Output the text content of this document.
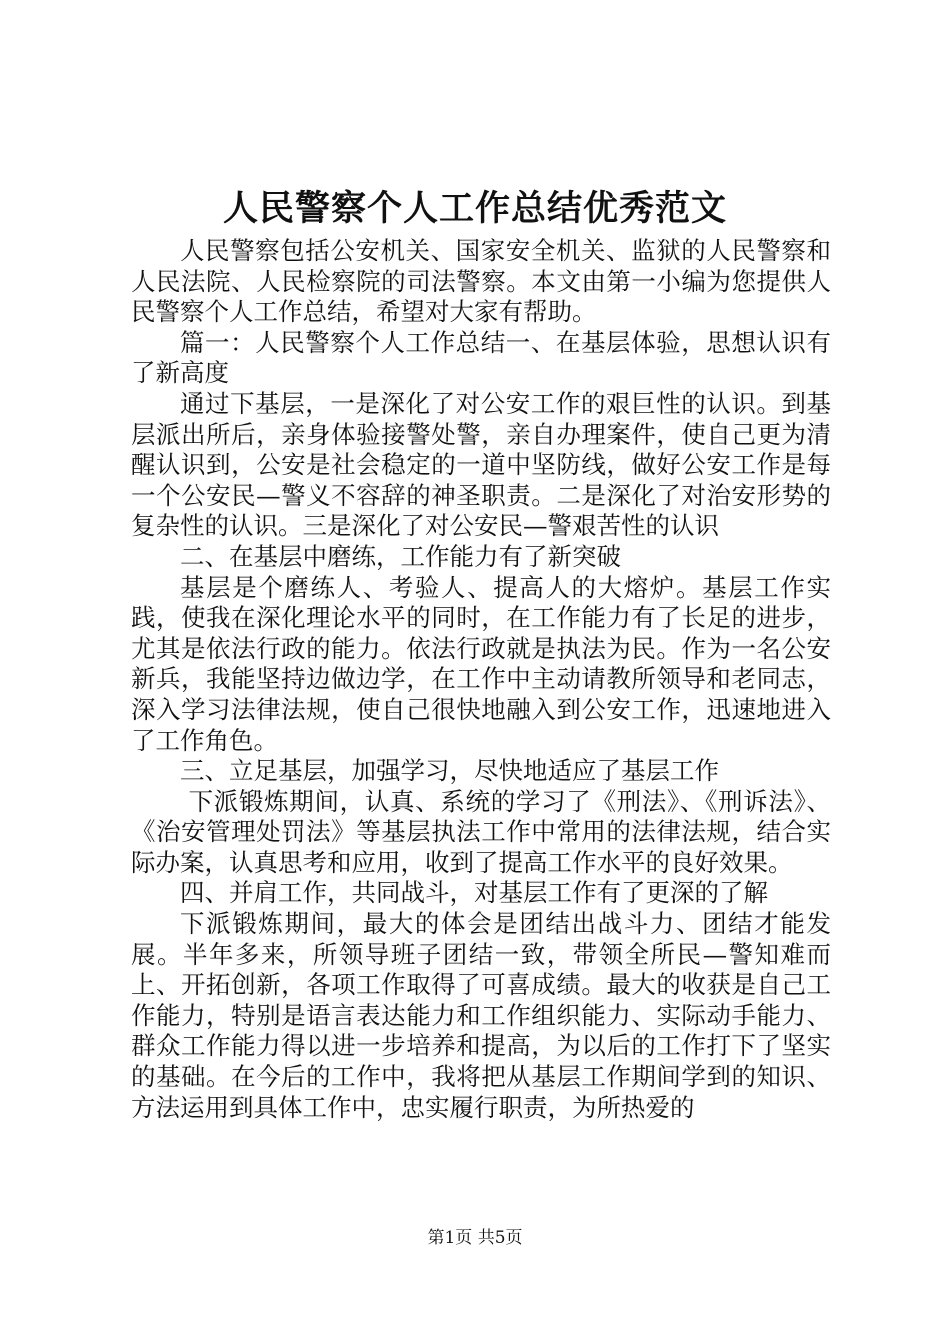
人民警察个人工作总结优秀范文

人民警察包括公安机关、国家安全机关、监狱的人民警察和人民法院、人民检察院的司法警察。本文由第一小编为您提供人民警察个人工作总结，希望对大家有帮助。

篇一：人民警察个人工作总结一、在基层体验，思想认识有了新高度

通过下基层，一是深化了对公安工作的艰巨性的认识。到基层派出所后，亲身体验接警处警，亲自办理案件，使自己更为清醒认识到，公安是社会稳定的一道中坚防线，做好公安工作是每一个公安民—警义不容辞的神圣职责。二是深化了对治安形势的复杂性的认识。三是深化了对公安民—警艰苦性的认识

二、在基层中磨练，工作能力有了新突破

基层是个磨练人、考验人、提高人的大熔炉。基层工作实践，使我在深化理论水平的同时，在工作能力有了长足的进步，尤其是依法行政的能力。依法行政就是执法为民。作为一名公安新兵，我能坚持边做边学，在工作中主动请教所领导和老同志，深入学习法律法规，使自己很快地融入到公安工作，迅速地进入了工作角色。

三、立足基层，加强学习，尽快地适应了基层工作

下派锻炼期间，认真、系统的学习了《刑法》、《刑诉法》、《治安管理处罚法》等基层执法工作中常用的法律法规，结合实际办案，认真思考和应用，收到了提高工作水平的良好效果。

四、并肩工作，共同战斗，对基层工作有了更深的了解

下派锻炼期间，最大的体会是团结出战斗力、团结才能发展。半年多来，所领导班子团结一致，带领全所民—警知难而上、开拓创新，各项工作取得了可喜成绩。最大的收获是自己工作能力，特别是语言表达能力和工作组织能力、实际动手能力、群众工作能力得以进一步培养和提高，为以后的工作打下了坚实的基础。在今后的工作中，我将把从基层工作期间学到的知识、方法运用到具体工作中，忠实履行职责，为所热爱的

第1页 共5页
